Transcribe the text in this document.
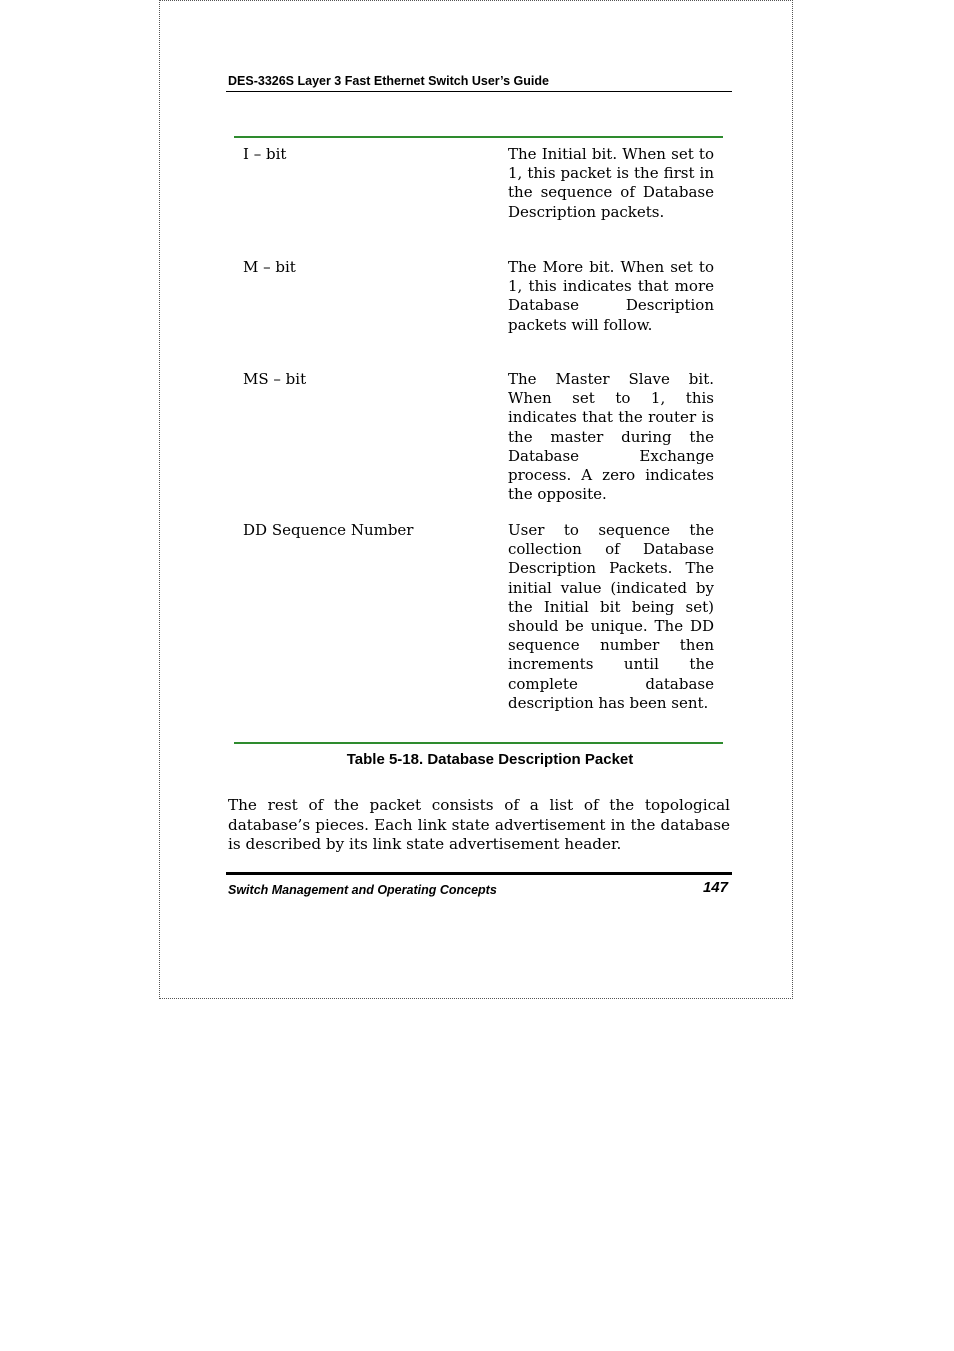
DES-3326S Layer 3 Fast Ethernet Switch User’s Guide
I – bit	The Initial bit. When set to 1, this packet is the first in the sequence of Database Description packets.
M – bit	The More bit. When set to 1, this indicates that more Database Description packets will follow.
MS – bit	The Master Slave bit. When set to 1, this indicates that the router is the master during the Database Exchange process. A zero indicates the opposite.
DD Sequence Number	User to sequence the collection of Database Description Packets. The initial value (indicated by the Initial bit being set) should be unique. The DD sequence number then increments until the complete database description has been sent.
Table 5-18. Database Description Packet
The rest of the packet consists of a list of the topological database’s pieces. Each link state advertisement in the database is described by its link state advertisement header.
Switch Management and Operating Concepts	147
